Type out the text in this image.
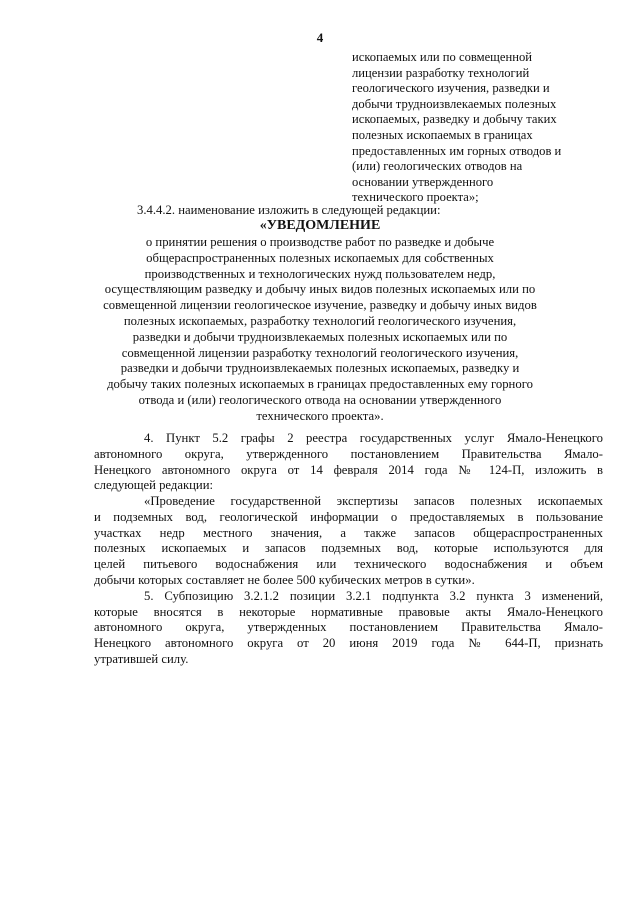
4
ископаемых или по совмещенной
лицензии разработку технологий
геологического изучения, разведки и
добычи трудноизвлекаемых полезных
ископаемых, разведку и добычу таких
полезных ископаемых в границах
предоставленных им горных отводов и
(или) геологических отводов на
основании утвержденного
технического проекта»;
3.4.4.2. наименование изложить в следующей редакции:
«УВЕДОМЛЕНИЕ
о принятии решения о производстве работ по разведке и добыче
общераспространенных полезных ископаемых для собственных
производственных и технологических нужд пользователем недр,
осуществляющим разведку и добычу иных видов полезных ископаемых или по
совмещенной лицензии геологическое изучение, разведку и добычу иных видов
полезных ископаемых, разработку технологий геологического изучения,
разведки и добычи трудноизвлекаемых полезных ископаемых или по
совмещенной лицензии разработку технологий геологического изучения,
разведки и добычи трудноизвлекаемых полезных ископаемых, разведку и
добычу таких полезных ископаемых в границах предоставленных ему горного
отвода и (или) геологического отвода на основании утвержденного
технического проекта».
4. Пункт 5.2 графы 2 реестра государственных услуг Ямало-Ненецкого
автономного округа, утвержденного постановлением Правительства Ямало-
Ненецкого автономного округа от 14 февраля 2014 года № 124-П, изложить в
следующей редакции:
«Проведение государственной экспертизы запасов полезных ископаемых
и подземных вод, геологической информации о предоставляемых в пользование
участках недр местного значения, а также запасов общераспространенных
полезных ископаемых и запасов подземных вод, которые используются для
целей питьевого водоснабжения или технического водоснабжения и объем
добычи которых составляет не более 500 кубических метров в сутки».
5. Субпозицию 3.2.1.2 позиции 3.2.1 подпункта 3.2 пункта 3 изменений,
которые вносятся в некоторые нормативные правовые акты Ямало-Ненецкого
автономного округа, утвержденных постановлением Правительства Ямало-
Ненецкого автономного округа от 20 июня 2019 года № 644-П, признать
утратившей силу.
